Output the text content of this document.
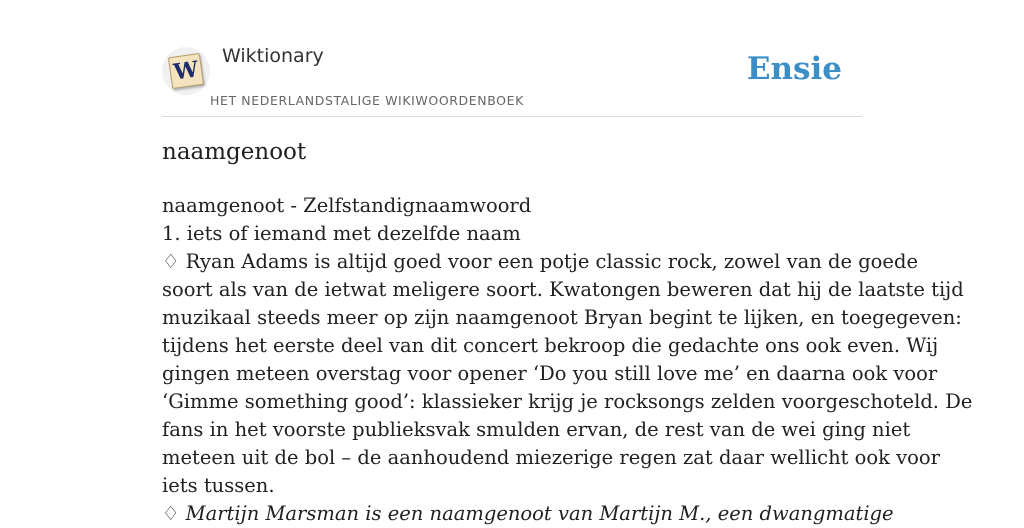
W
Wiktionary
HET NEDERLANDSTALIGE WIKIWOORDENBOEK
Ensie
naamgenoot
naamgenoot - Zelfstandignaamwoord
1. iets of iemand met dezelfde naam
♢ Ryan Adams is altijd goed voor een potje classic rock, zowel van de goede
soort als van de ietwat meligere soort. Kwatongen beweren dat hij de laatste tijd
muzikaal steeds meer op zijn naamgenoot Bryan begint te lijken, en toegegeven:
tijdens het eerste deel van dit concert bekroop die gedachte ons ook even. Wij
gingen meteen overstag voor opener ‘Do you still love me’ en daarna ook voor
‘Gimme something good’: klassieker krijg je rocksongs zelden voorgeschoteld. De
fans in het voorste publieksvak smulden ervan, de rest van de wei ging niet
meteen uit de bol – de aanhoudend miezerige regen zat daar wellicht ook voor
iets tussen.
♢ Martijn Marsman is een naamgenoot van Martijn M., een dwangmatige
